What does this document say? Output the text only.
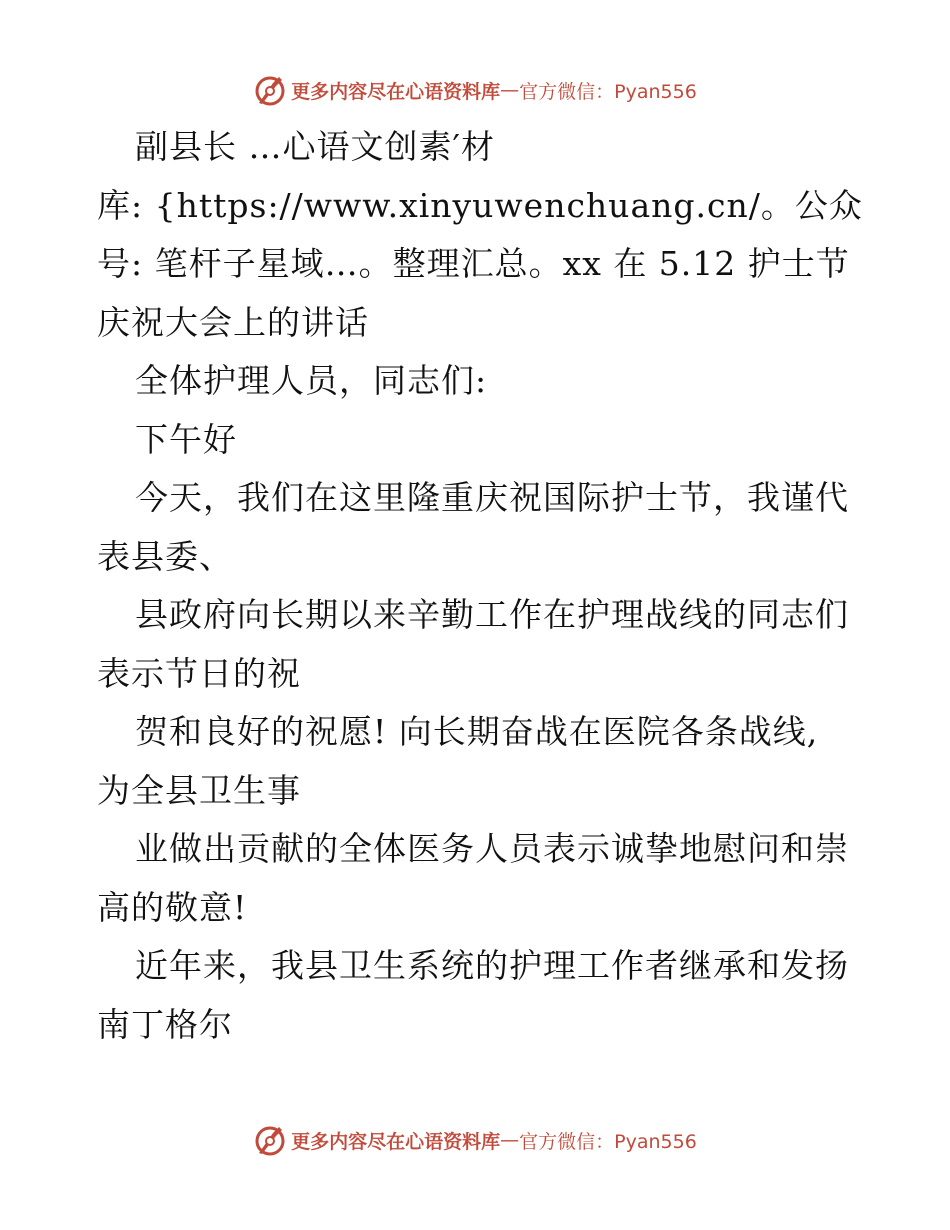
更多内容尽在心语资料库 — 官方微信：Pyan556
副县长 …心语文创素′材
库: {https://www.xinyuwenchuang.cn/。公众
号: 笔杆子星域…。整理汇总。xx 在 5.12 护士节
庆祝大会上的讲话
全体护理人员，同志们:
下午好
今天，我们在这里隆重庆祝国际护士节，我谨代
表县委、
县政府向长期以来辛勤工作在护理战线的同志们
表示节日的祝
贺和良好的祝愿! 向长期奋战在医院各条战线,
为全县卫生事
业做出贡献的全体医务人员表示诚挚地慰问和崇
高的敬意!
近年来，我县卫生系统的护理工作者继承和发扬
南丁格尔
更多内容尽在心语资料库 — 官方微信：Pyan556
